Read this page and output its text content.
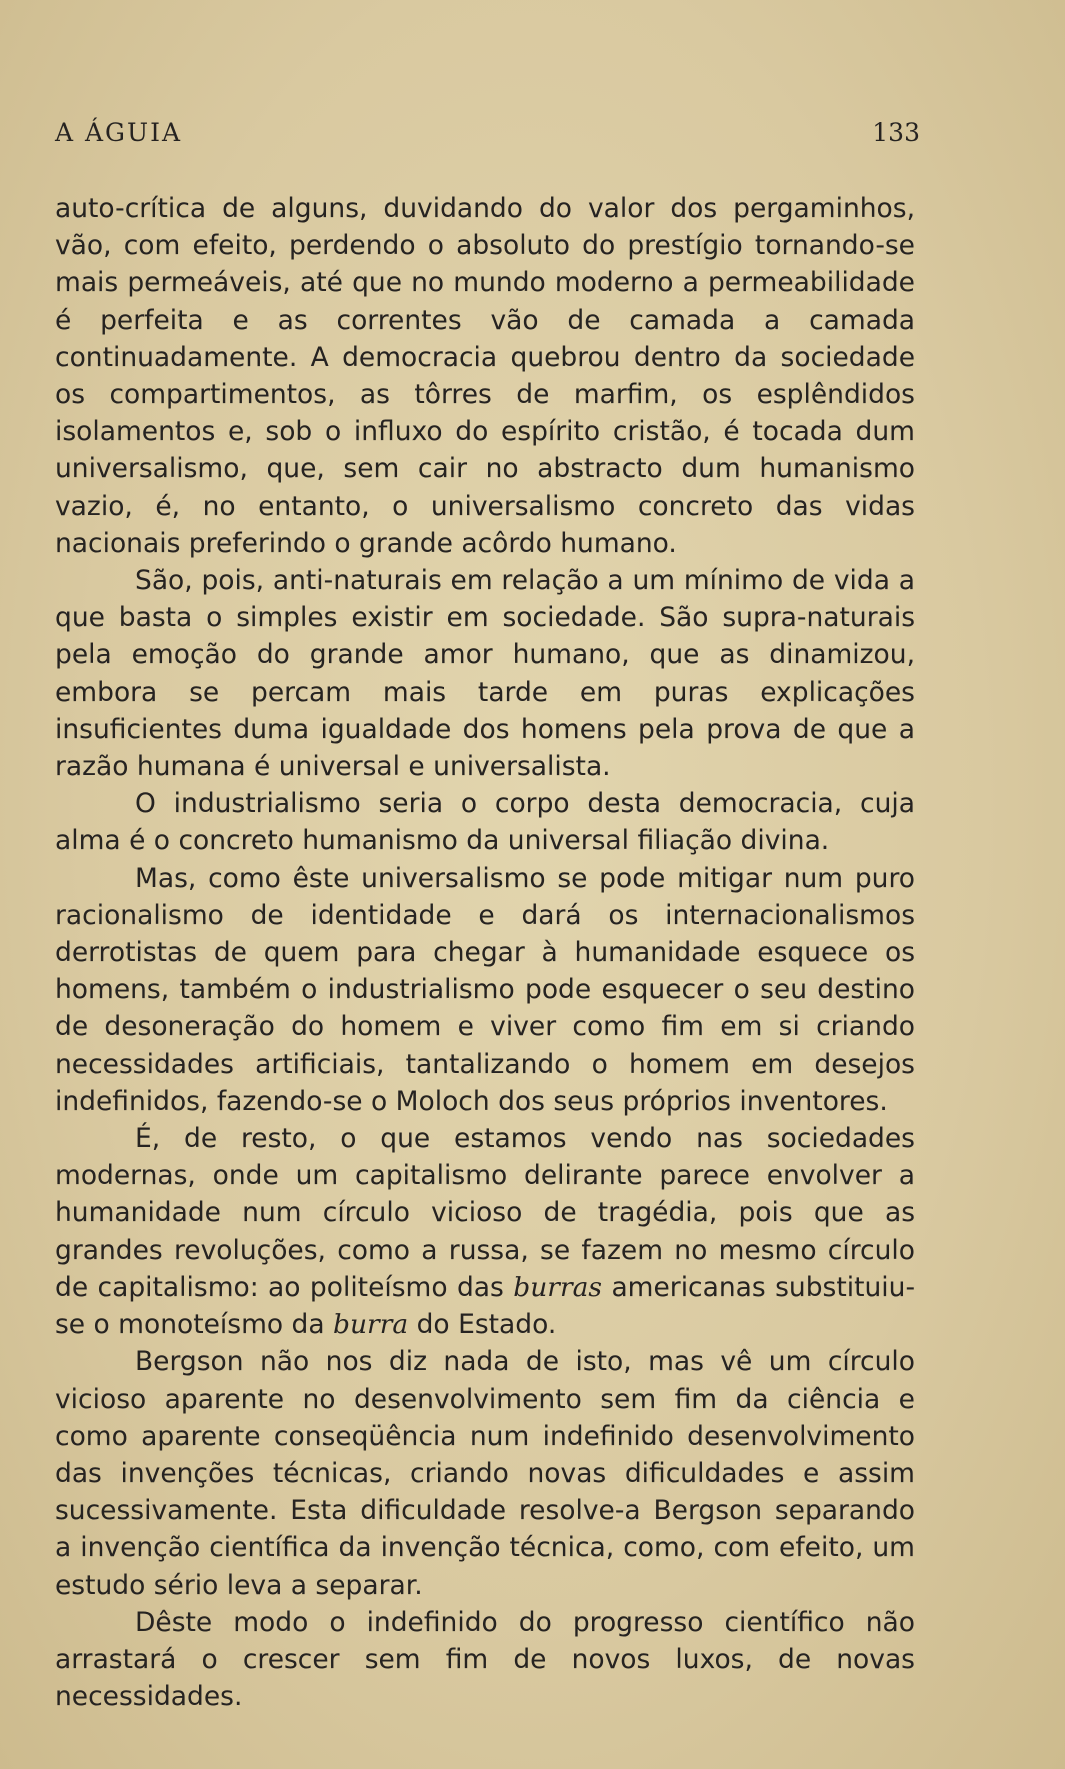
A ÁGUIA	133

auto-crítica de alguns, duvidando do valor dos pergaminhos, vão, com efeito, perdendo o absoluto do prestígio tornando-se mais permeáveis, até que no mundo moderno a permeabilidade é perfeita e as correntes vão de camada a camada continuadamente. A democracia quebrou dentro da sociedade os compartimentos, as tôrres de marfim, os esplêndidos isolamentos e, sob o influxo do espírito cristão, é tocada dum universalismo, que, sem cair no abstracto dum humanismo vazio, é, no entanto, o universalismo concreto das vidas nacionais preferindo o grande acôrdo humano.

São, pois, anti-naturais em relação a um mínimo de vida a que basta o simples existir em sociedade. São supra-naturais pela emoção do grande amor humano, que as dinamizou, embora se percam mais tarde em puras explicações insuficientes duma igualdade dos homens pela prova de que a razão humana é universal e universalista.

O industrialismo seria o corpo desta democracia, cuja alma é o concreto humanismo da universal filiação divina.

Mas, como êste universalismo se pode mitigar num puro racionalismo de identidade e dará os internacionalismos derrotistas de quem para chegar à humanidade esquece os homens, também o industrialismo pode esquecer o seu destino de desoneração do homem e viver como fim em si criando necessidades artificiais, tantalizando o homem em desejos indefinidos, fazendo-se o Moloch dos seus próprios inventores.

É, de resto, o que estamos vendo nas sociedades modernas, onde um capitalismo delirante parece envolver a humanidade num círculo vicioso de tragédia, pois que as grandes revoluções, como a russa, se fazem no mesmo círculo de capitalismo: ao politeísmo das burras americanas substituiu-se o monoteísmo da burra do Estado.

Bergson não nos diz nada de isto, mas vê um círculo vicioso aparente no desenvolvimento sem fim da ciência e como aparente conseqüência num indefinido desenvolvimento das invenções técnicas, criando novas dificuldades e assim sucessivamente. Esta dificuldade resolve-a Bergson separando a invenção científica da invenção técnica, como, com efeito, um estudo sério leva a separar.

Dêste modo o indefinido do progresso científico não arrastará o crescer sem fim de novos luxos, de novas necessidades.
